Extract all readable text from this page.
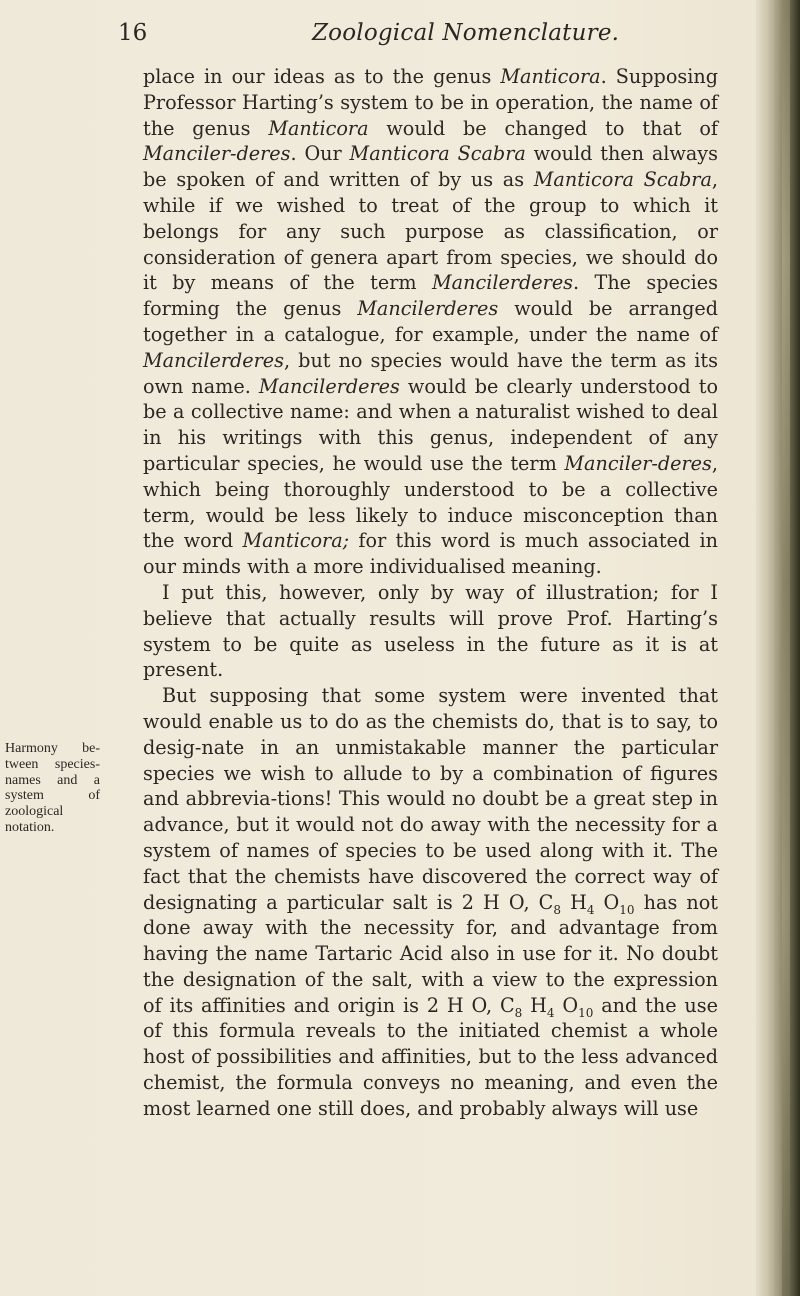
16	Zoological Nomenclature.
Harmony be- tween species- names and a system of zoological notation.

place in our ideas as to the genus Manticora. Supposing Professor Harting’s system to be in operation, the name of the genus Manticora would be changed to that of Manciler-deres. Our Manticora Scabra would then always be spoken of and written of by us as Manticora Scabra, while if we wished to treat of the group to which it belongs for any such purpose as classification, or consideration of genera apart from species, we should do it by means of the term Mancilerderes. The species forming the genus Mancilerderes would be arranged together in a catalogue, for example, under the name of Mancilerderes, but no species would have the term as its own name. Mancilerderes would be clearly understood to be a collective name: and when a naturalist wished to deal in his writings with this genus, independent of any particular species, he would use the term Manciler-deres, which being thoroughly understood to be a collective term, would be less likely to induce misconception than the word Manticora; for this word is much associated in our minds with a more individualised meaning.

I put this, however, only by way of illustration; for I believe that actually results will prove Prof. Harting’s system to be quite as useless in the future as it is at present.

But supposing that some system were invented that would enable us to do as the chemists do, that is to say, to desig-nate in an unmistakable manner the particular species we wish to allude to by a combination of figures and abbrevia-tions! This would no doubt be a great step in advance, but it would not do away with the necessity for a system of names of species to be used along with it. The fact that the chemists have discovered the correct way of designating a particular salt is 2 H O, $C_8$ $H_4$ $O_{10}$ has not done away with the necessity for, and advantage from having the name Tartaric Acid also in use for it. No doubt the designation of the salt, with a view to the expression of its affinities and origin is 2 H O, $C_8$ $H_4$ $O_{10}$ and the use of this formula reveals to the initiated chemist a whole host of possibilities and affinities, but to the less advanced chemist, the formula conveys no meaning, and even the most learned one still does, and probably always will use
